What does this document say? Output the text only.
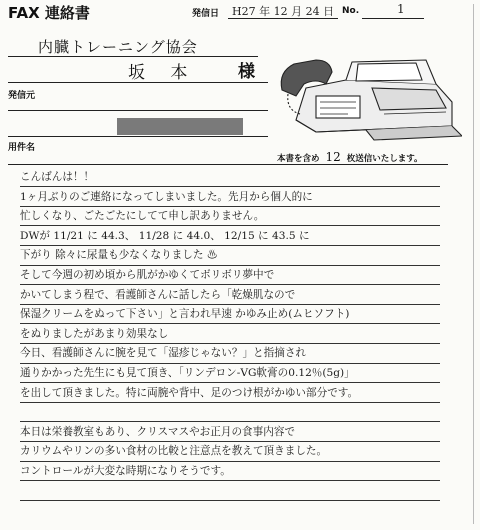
FAX 連絡書	発信日 H27 年 12 月 24 日 No.	1
内臓トレーニング協会
坂 本 様
発信元
用件名
本書を含め 12 枚送信いたします。
こんばんは！！
1ヶ月ぶりのご連絡になってしまいました。先月から個人的に
忙しくなり、ごたごたにしてて申し訳ありません。
DWが 11/21 に 44.3、 11/28 に 44.0、 12/15 に 43.5 に
下がり 除々に尿量も少なくなりました ♨
そして今週の初め頃から肌がかゆくてボリボリ夢中で
かいてしまう程で、看護師さんに話したら「乾燥肌なので
保湿クリームをぬって下さい」と言われ早速 かゆみ止め(ムヒソフト)
をぬりましたがあまり効果なし
今日、看護師さんに腕を見て「湿疹じゃない？」と指摘され
通りかかった先生にも見て頂き、「リンデロン-VG軟膏の0.12％(5g)」
を出して頂きました。特に両腕や背中、足のつけ根がかゆい部分です。
本日は栄養教室もあり、クリスマスやお正月の食事内容で
カリウムやリンの多い食材の比較と注意点を教えて頂きました。
コントロールが大変な時期になりそうです。
